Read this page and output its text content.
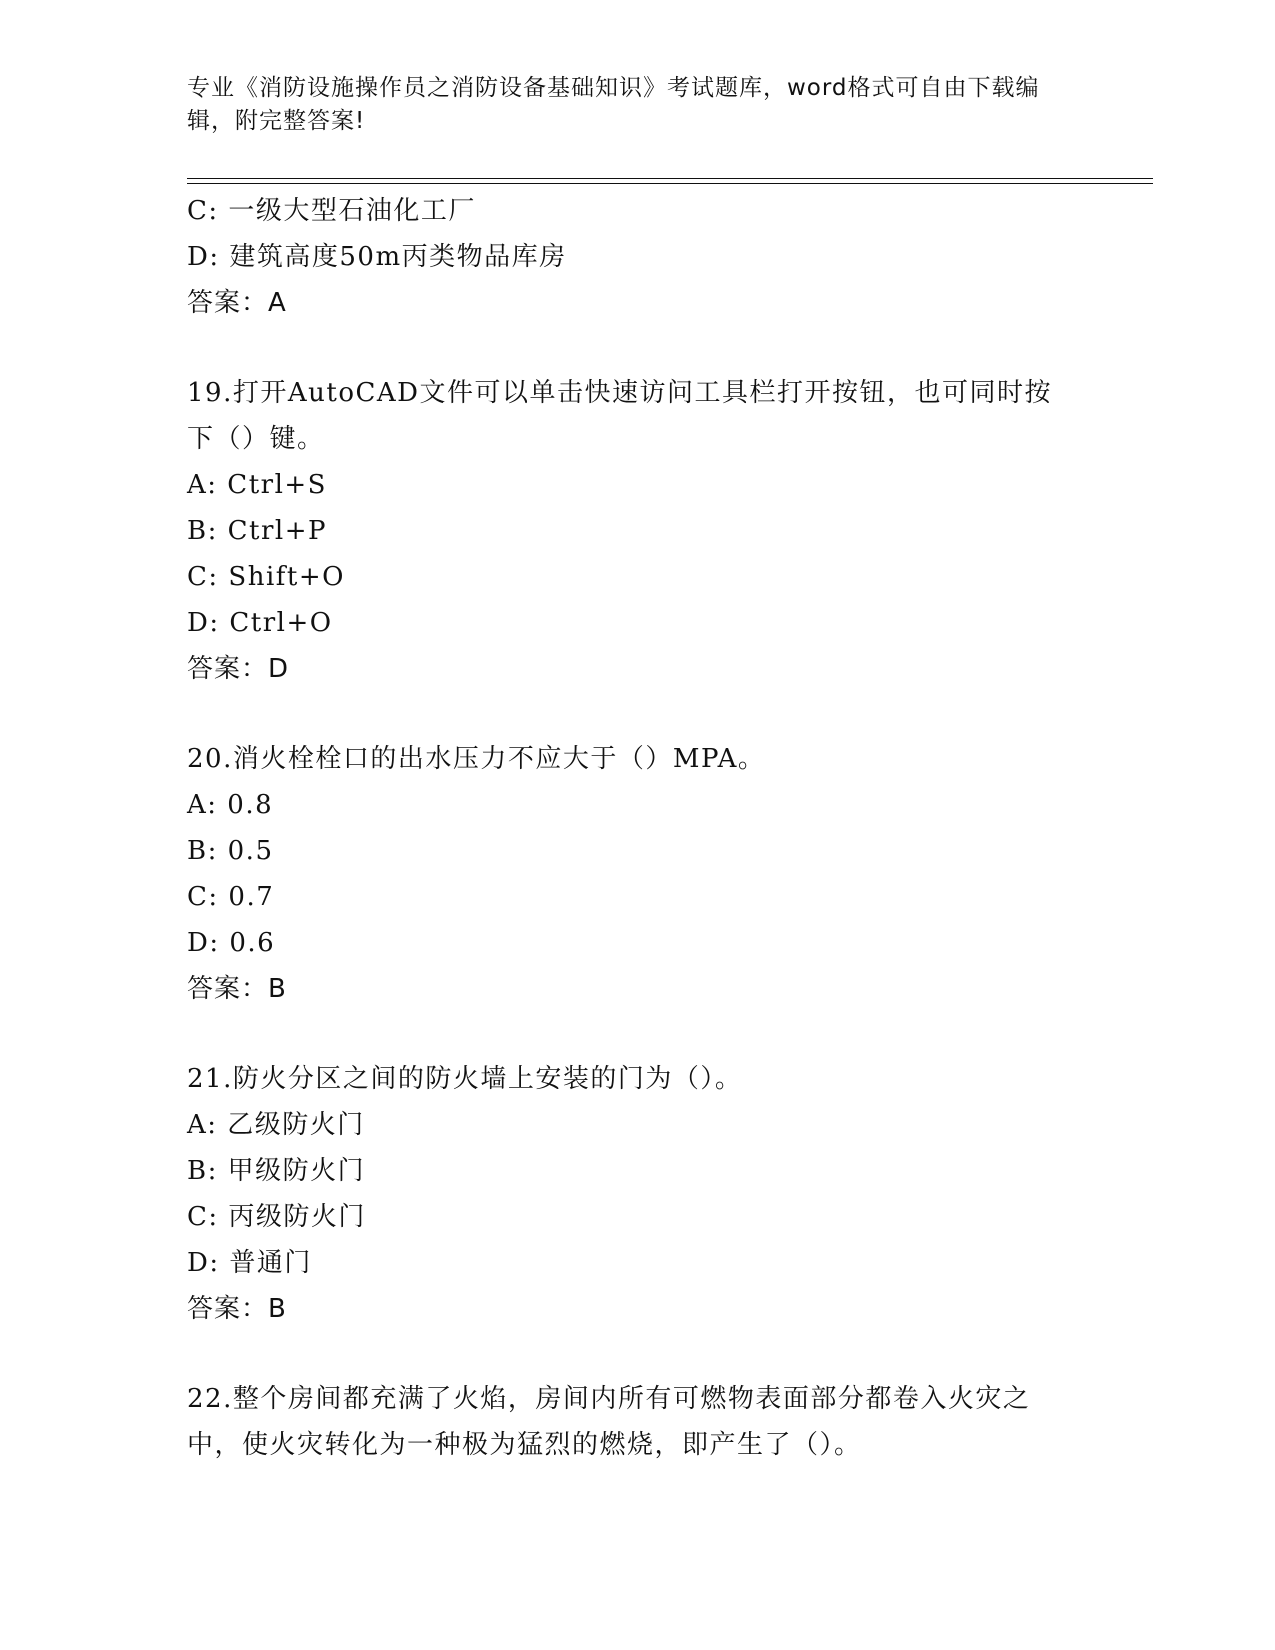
专业《消防设施操作员之消防设备基础知识》考试题库，word格式可自由下载编辑，附完整答案!
C: 一级大型石油化工厂
D: 建筑高度50m丙类物品库房
答案：A
19.打开AutoCAD文件可以单击快速访问工具栏打开按钮，也可同时按下（）键。
A: Ctrl+S
B: Ctrl+P
C: Shift+O
D: Ctrl+O
答案：D
20.消火栓栓口的出水压力不应大于（）MPA。
A: 0.8
B: 0.5
C: 0.7
D: 0.6
答案：B
21.防火分区之间的防火墙上安装的门为（）。
A: 乙级防火门
B: 甲级防火门
C: 丙级防火门
D: 普通门
答案：B
22.整个房间都充满了火焰，房间内所有可燃物表面部分都卷入火灾之中，使火灾转化为一种极为猛烈的燃烧，即产生了（）。
